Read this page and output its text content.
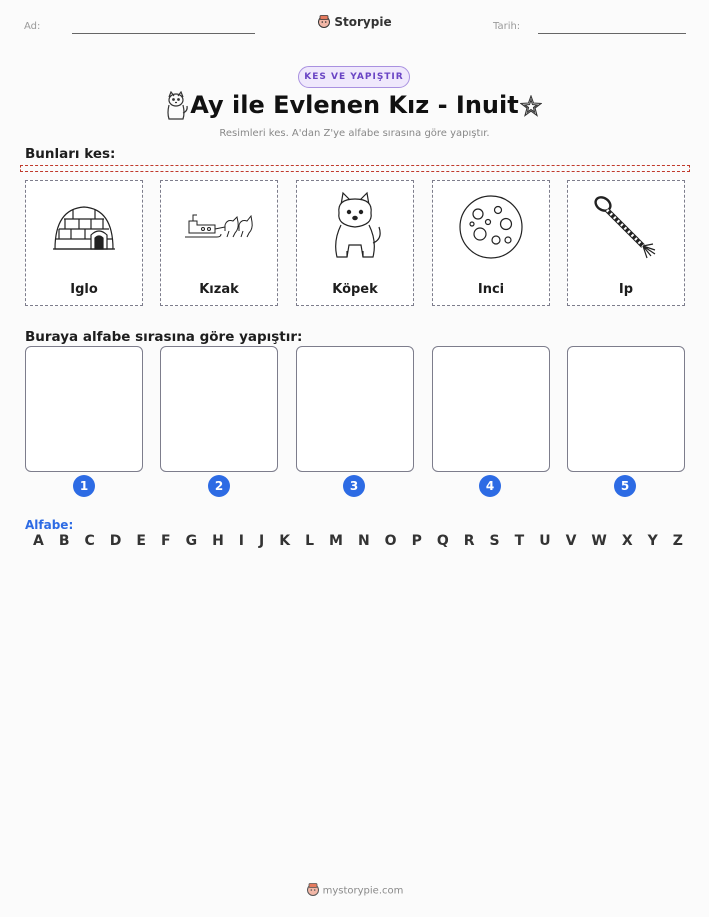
Ad:	Storypie	Tarih:
KES VE YAPIŞTIR
Ay ile Evlenen Kız - Inuit
Resimleri kes. A'dan Z'ye alfabe sırasına göre yapıştır.
Bunları kes:
Iglo	Kızak	Köpek	Inci	Ip
Buraya alfabe sırasına göre yapıştır:
1	2	3	4	5
Alfabe:
A B C D E F G H I J K L M N O P Q R S T U V W X Y Z
mystorypie.com
